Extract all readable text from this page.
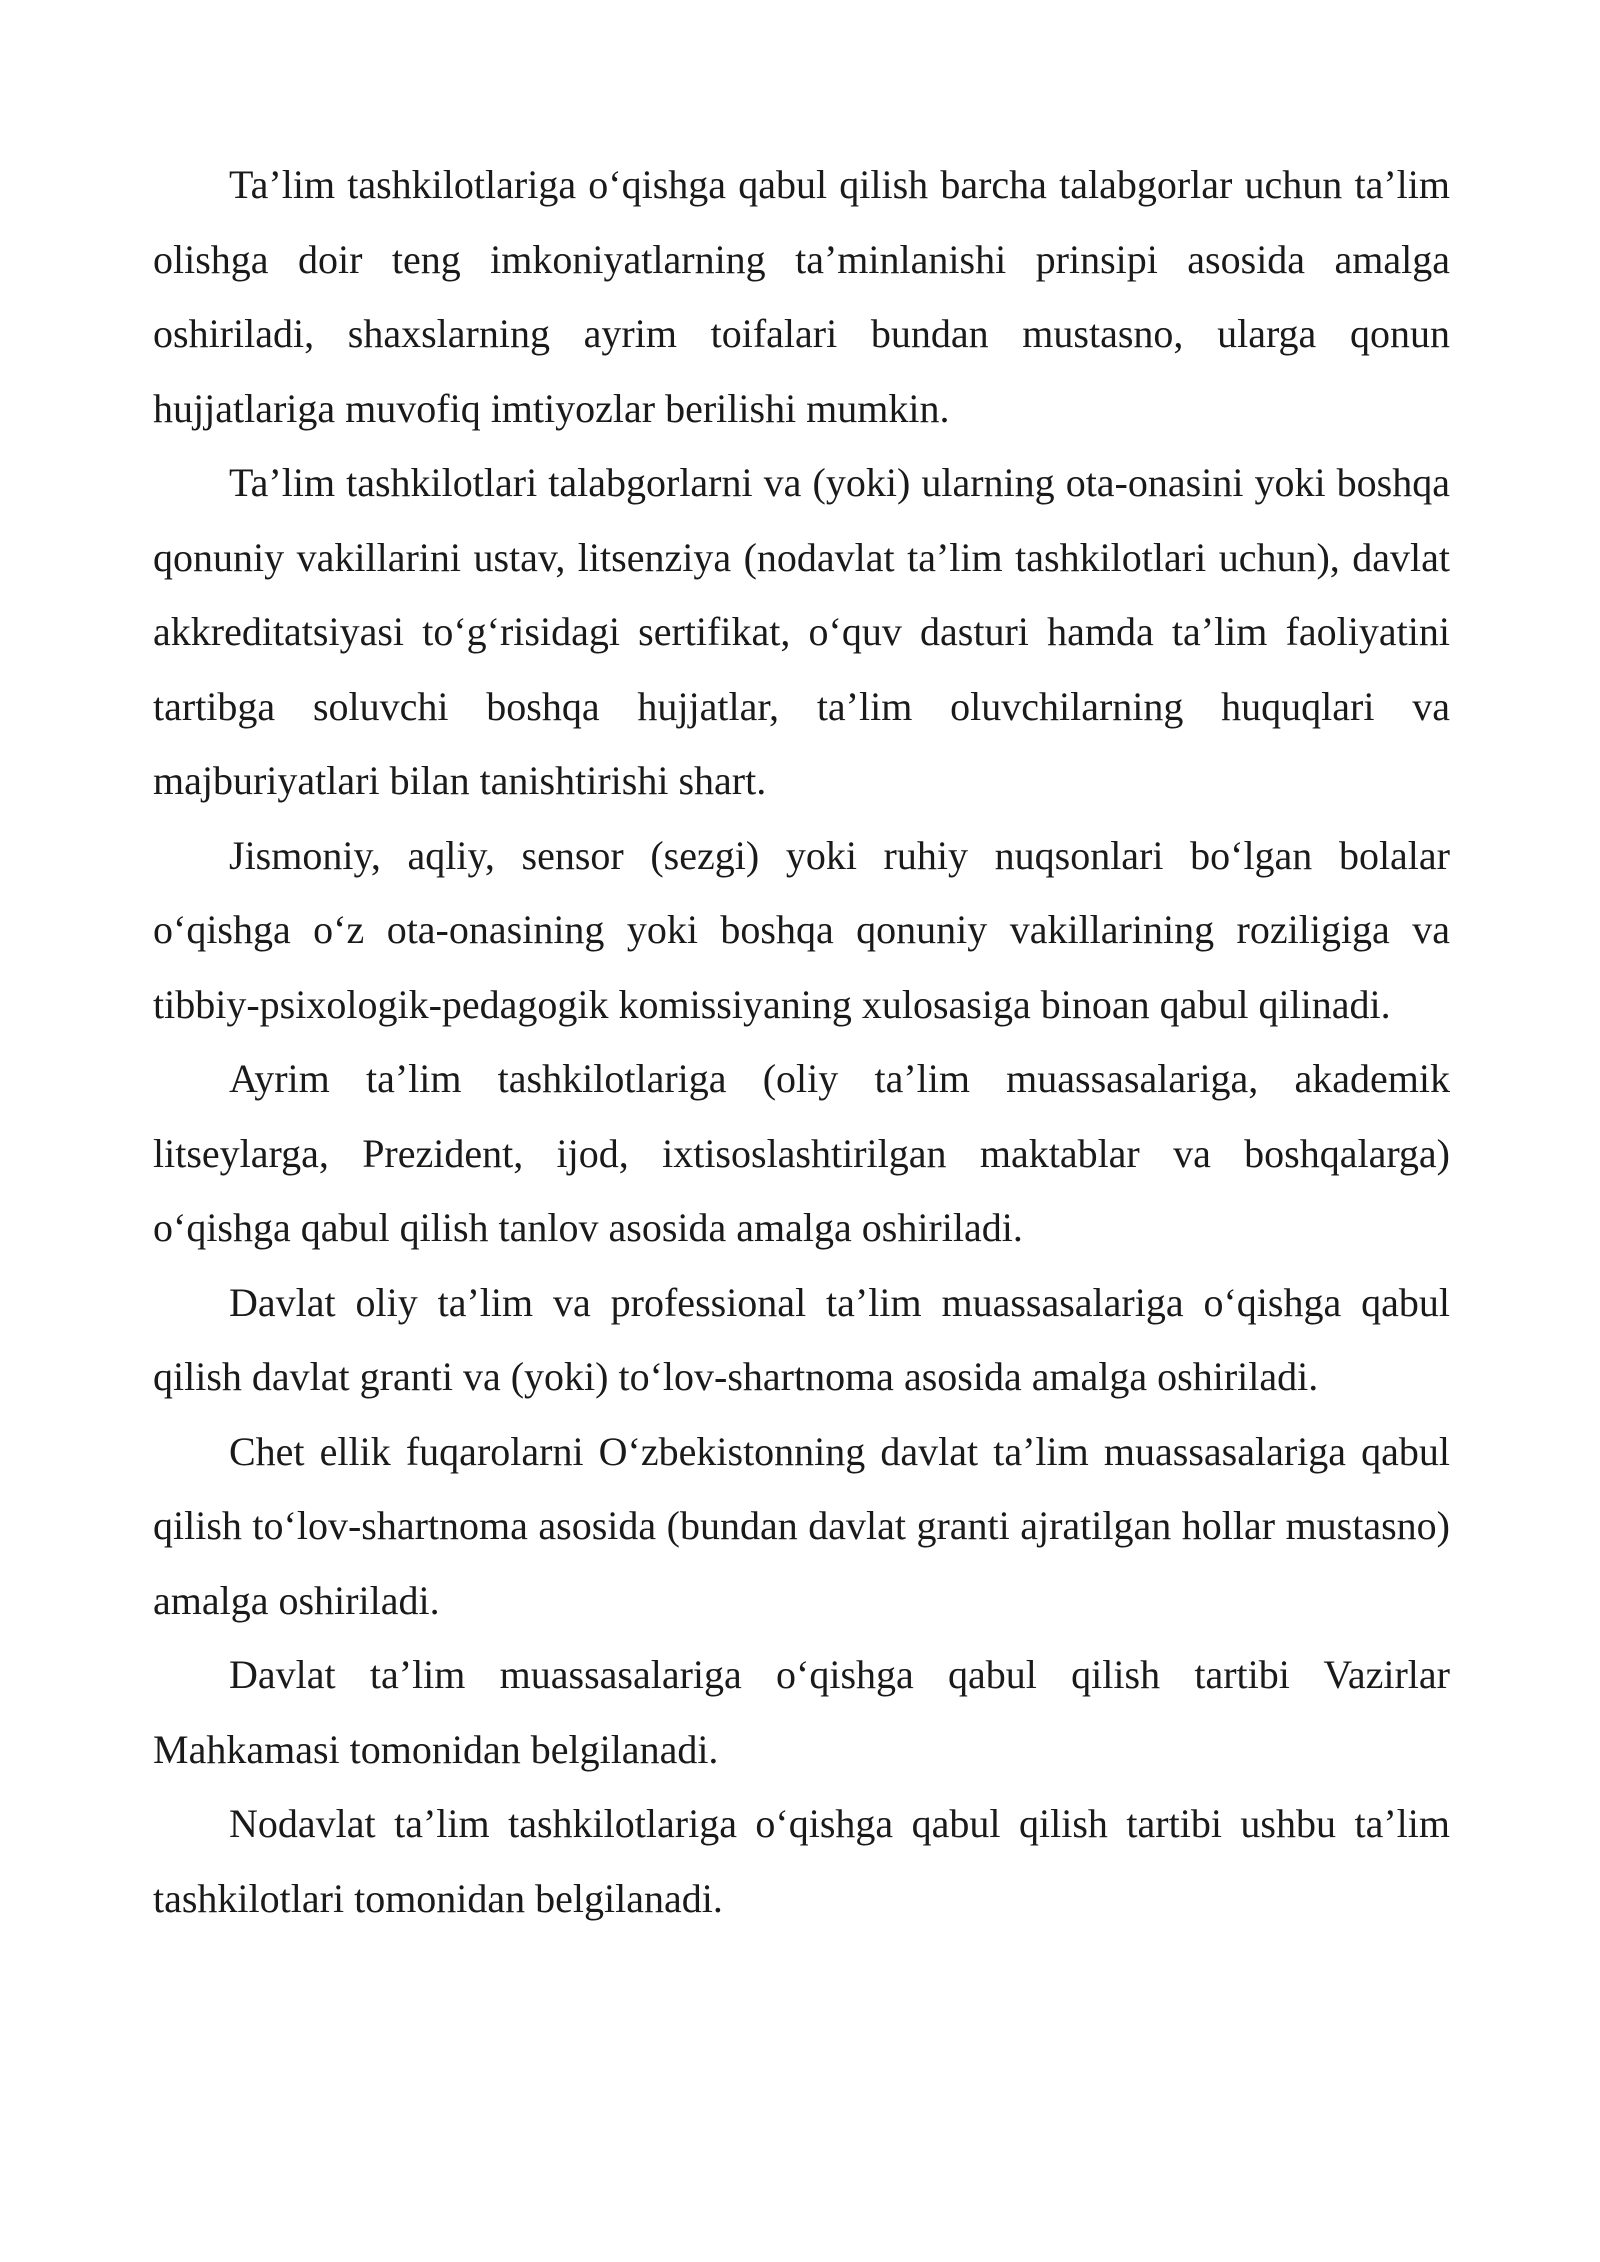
Ta’lim tashkilotlariga o‘qishga qabul qilish barcha talabgorlar uchun ta’lim olishga doir teng imkoniyatlarning ta’minlanishi prinsipi asosida amalga oshiriladi, shaxslarning ayrim toifalari bundan mustasno, ularga qonun hujjatlariga muvofiq imtiyozlar berilishi mumkin.

Ta’lim tashkilotlari talabgorlarni va (yoki) ularning ota-onasini yoki boshqa qonuniy vakillarini ustav, litsenziya (nodavlat ta’lim tashkilotlari uchun), davlat akkreditatsiyasi to‘g‘risidagi sertifikat, o‘quv dasturi hamda ta’lim faoliyatini tartibga soluvchi boshqa hujjatlar, ta’lim oluvchilarning huquqlari va majburiyatlari bilan tanishtirishi shart.

Jismoniy, aqliy, sensor (sezgi) yoki ruhiy nuqsonlari bo‘lgan bolalar o‘qishga o‘z ota-onasining yoki boshqa qonuniy vakillarining roziligiga va tibbiy-psixologik-pedagogik komissiyaning xulosasiga binoan qabul qilinadi.

Ayrim ta’lim tashkilotlariga (oliy ta’lim muassasalariga, akademik litseylarga, Prezident, ijod, ixtisoslashtirilgan maktablar va boshqalarga) o‘qishga qabul qilish tanlov asosida amalga oshiriladi.

Davlat oliy ta’lim va professional ta’lim muassasalariga o‘qishga qabul qilish davlat granti va (yoki) to‘lov-shartnoma asosida amalga oshiriladi.

Chet ellik fuqarolarni O‘zbekistonning davlat ta’lim muassasalariga qabul qilish to‘lov-shartnoma asosida (bundan davlat granti ajratilgan hollar mustasno) amalga oshiriladi.

Davlat ta’lim muassasalariga o‘qishga qabul qilish tartibi Vazirlar Mahkamasi tomonidan belgilanadi.

Nodavlat ta’lim tashkilotlariga o‘qishga qabul qilish tartibi ushbu ta’lim tashkilotlari tomonidan belgilanadi.
